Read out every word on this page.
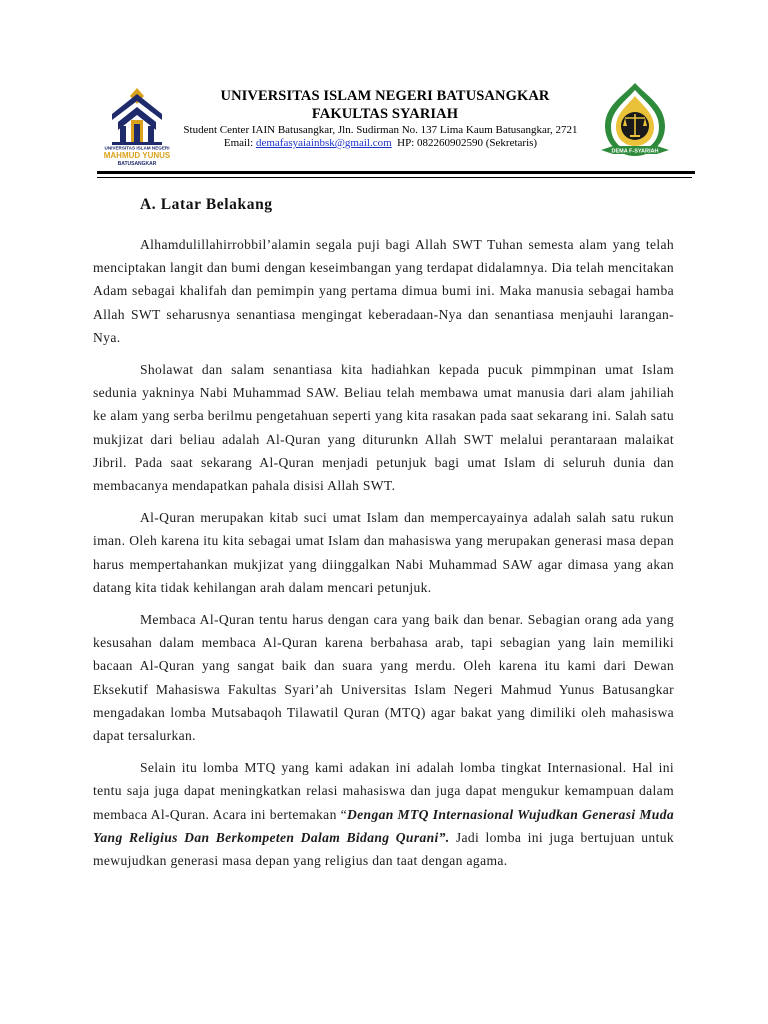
UNIVERSITAS ISLAM NEGERI
MAHMUD YUNUS
BATUSANGKAR
UNIVERSITAS ISLAM NEGERI BATUSANGKAR
FAKULTAS SYARIAH
Student Center IAIN Batusangkar, Jln. Sudirman No. 137 Lima Kaum Batusangkar, 2721
Email: demafasyaiainbsk@gmail.com HP: 082260902590 (Sekretaris)
DEMA F-SYARIAH
A. Latar Belakang

Alhamdulillahirrobbil’alamin segala puji bagi Allah SWT Tuhan semesta alam yang telah menciptakan langit dan bumi dengan keseimbangan yang terdapat didalamnya. Dia telah mencitakan Adam sebagai khalifah dan pemimpin yang pertama dimua bumi ini. Maka manusia sebagai hamba Allah SWT seharusnya senantiasa mengingat keberadaan-Nya dan senantiasa menjauhi larangan-Nya.

Sholawat dan salam senantiasa kita hadiahkan kepada pucuk pimmpinan umat Islam sedunia yakninya Nabi Muhammad SAW. Beliau telah membawa umat manusia dari alam jahiliah ke alam yang serba berilmu pengetahuan seperti yang kita rasakan pada saat sekarang ini. Salah satu mukjizat dari beliau adalah Al-Quran yang diturunkn Allah SWT melalui perantaraan malaikat Jibril. Pada saat sekarang Al-Quran menjadi petunjuk bagi umat Islam di seluruh dunia dan membacanya mendapatkan pahala disisi Allah SWT.

Al-Quran merupakan kitab suci umat Islam dan mempercayainya adalah salah satu rukun iman. Oleh karena itu kita sebagai umat Islam dan mahasiswa yang merupakan generasi masa depan harus mempertahankan mukjizat yang diinggalkan Nabi Muhammad SAW agar dimasa yang akan datang kita tidak kehilangan arah dalam mencari petunjuk.

Membaca Al-Quran tentu harus dengan cara yang baik dan benar. Sebagian orang ada yang kesusahan dalam membaca Al-Quran karena berbahasa arab, tapi sebagian yang lain memiliki bacaan Al-Quran yang sangat baik dan suara yang merdu. Oleh karena itu kami dari Dewan Eksekutif Mahasiswa Fakultas Syari’ah Universitas Islam Negeri Mahmud Yunus Batusangkar mengadakan lomba Mutsabaqoh Tilawatil Quran (MTQ) agar bakat yang dimiliki oleh mahasiswa dapat tersalurkan.

Selain itu lomba MTQ yang kami adakan ini adalah lomba tingkat Internasional. Hal ini tentu saja juga dapat meningkatkan relasi mahasiswa dan juga dapat mengukur kemampuan dalam membaca Al-Quran. Acara ini bertemakan “Dengan MTQ Internasional Wujudkan Generasi Muda Yang Religius Dan Berkompeten Dalam Bidang Qurani”. Jadi lomba ini juga bertujuan untuk mewujudkan generasi masa depan yang religius dan taat dengan agama.
